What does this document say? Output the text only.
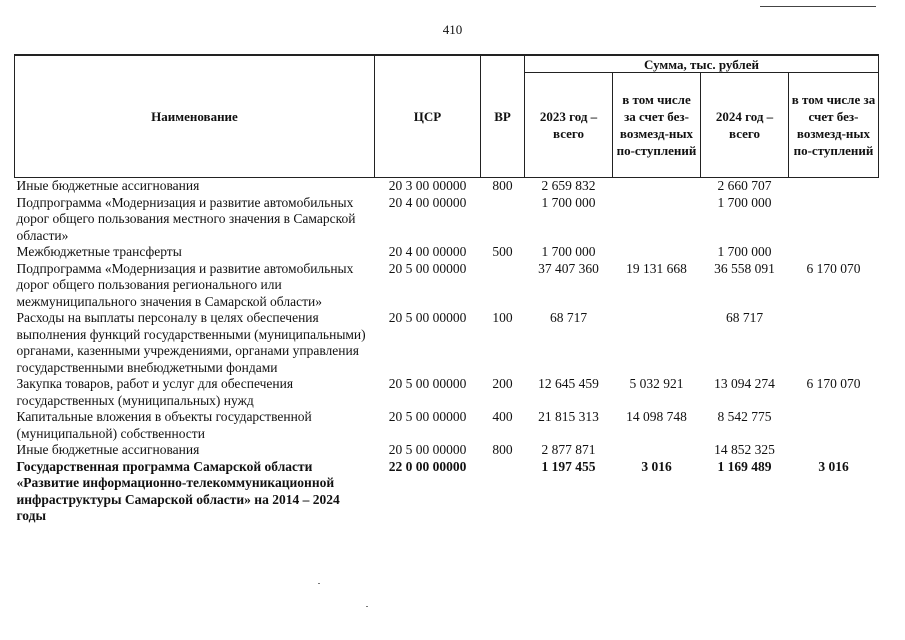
410
Наименование	ЦСР	ВР	Сумма, тыс. рублей			
			2023 год – всего	в том числе за счет без-возмезд-ных по-ступлений	2024 год – всего	в том числе за счет без-возмезд-ных по-ступлений
Иные бюджетные ассигнования	20 3 00 00000	800	2 659 832		2 660 707	
Подпрограмма «Модернизация и развитие автомобильных дорог общего пользования местного значения в Самарской области»	20 4 00 00000		1 700 000		1 700 000	
Межбюджетные трансферты	20 4 00 00000	500	1 700 000		1 700 000	
Подпрограмма «Модернизация и развитие автомобильных дорог общего пользования регионального или межмуниципального значения в Самарской области»	20 5 00 00000		37 407 360	19 131 668	36 558 091	6 170 070
Расходы на выплаты персоналу в целях обеспечения выполнения функций государственными (муниципальными) органами, казенными учреждениями, органами управления государственными внебюджетными фондами	20 5 00 00000	100	68 717		68 717	
Закупка товаров, работ и услуг для обеспечения государственных (муниципальных) нужд	20 5 00 00000	200	12 645 459	5 032 921	13 094 274	6 170 070
Капитальные вложения в объекты государственной (муниципальной) собственности	20 5 00 00000	400	21 815 313	14 098 748	8 542 775	
Иные бюджетные ассигнования	20 5 00 00000	800	2 877 871		14 852 325	
Государственная программа Самарской области «Развитие информационно-телекоммуникационной инфраструктуры Самарской области» на 2014 – 2024 годы	22 0 00 00000		1 197 455	3 016	1 169 489	3 016
